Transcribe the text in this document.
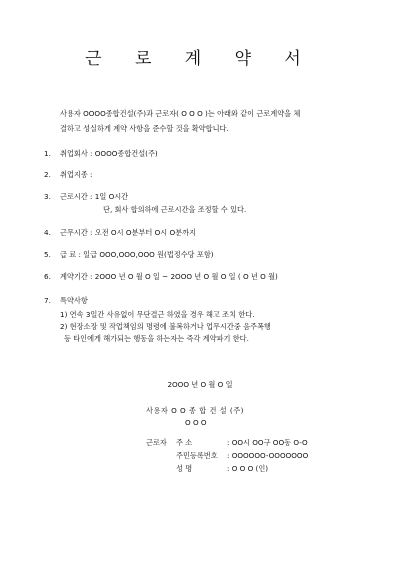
근 로 계 약 서
사용자 OOOO종합건설(주)과 근로자( O O O )는 아래와 같이 근로계약을 체
결하고 성실하게 계약 사항을 준수할 것을 확약합니다.
1. 취업회사 : OOOO종합건설(주)
2. 취업지종 :
3. 근로시간 : 1일 O시간
단, 회사 합의하에 근로시간을 조정할 수 있다.
4. 근무시간 : 오전 O시 O분부터 O시 O분까지
5. 급 료 : 일급 OOO,OOO,OOO 원(법정수당 포함)
6. 계약기간 : 2OOO 년 O 월 O 일 ~ 2OOO 년 O 월 O 일 ( O 년 O 월)
7. 특약사항
1) 연속 3일간 사유없이 무단결근 하였을 경우 해고 조치 한다.
2) 현장소장 및 작업책임의 명령에 불복하거나 업무시간중 음주폭행
등 타인에게 해가되는 행동을 하는자는 즉각 계약파기 한다.
2OOO 년 O 월 O 일
사용자 O O 종 합 건 설 (주)
O O O
근로자 주 소	: OO시 OO구 OO동 O-O
주민등록번호 : OOOOOO-OOOOOOO
성 명	: O O O (인)
